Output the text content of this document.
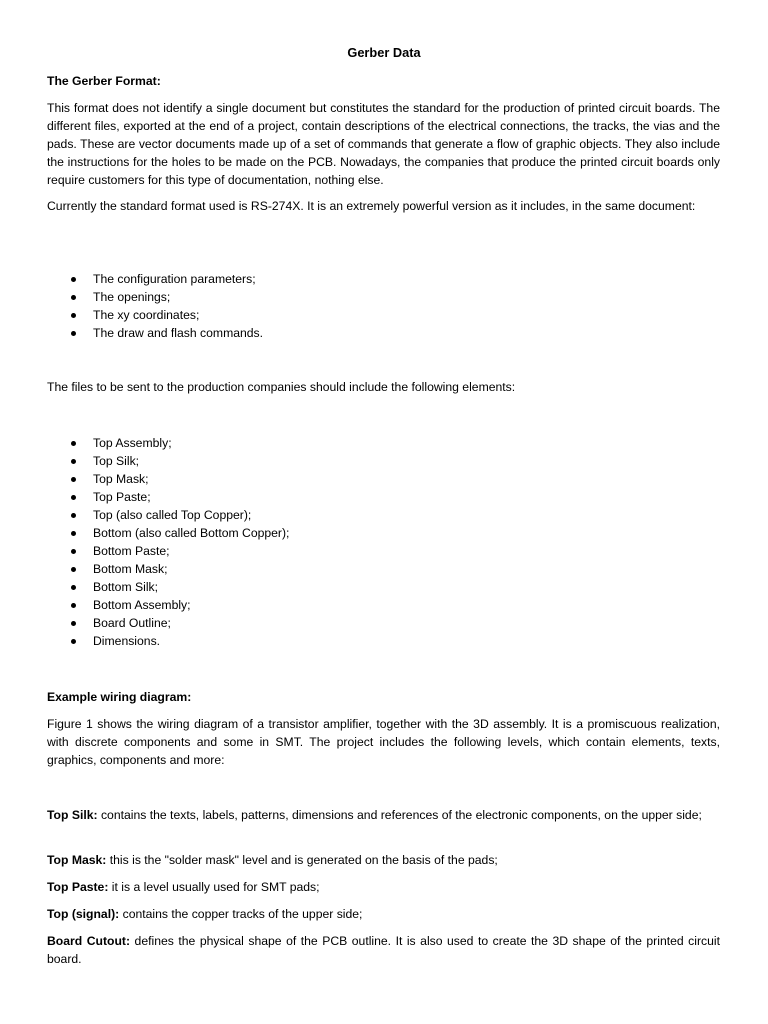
Gerber Data
The Gerber Format:

This format does not identify a single document but constitutes the standard for the production of printed circuit boards. The different files, exported at the end of a project, contain descriptions of the electrical connections, the tracks, the vias and the pads. These are vector documents made up of a set of commands that generate a flow of graphic objects. They also include the instructions for the holes to be made on the PCB. Nowadays, the companies that produce the printed circuit boards only require customers for this type of documentation, nothing else.

Currently the standard format used is RS-274X. It is an extremely powerful version as it includes, in the same document:

The configuration parameters;
The openings;
The xy coordinates;
The draw and flash commands.

The files to be sent to the production companies should include the following elements:

Top Assembly;
Top Silk;
Top Mask;
Top Paste;
Top (also called Top Copper);
Bottom (also called Bottom Copper);
Bottom Paste;
Bottom Mask;
Bottom Silk;
Bottom Assembly;
Board Outline;
Dimensions.
Example wiring diagram:

Figure 1 shows the wiring diagram of a transistor amplifier, together with the 3D assembly. It is a promiscuous realization, with discrete components and some in SMT. The project includes the following levels, which contain elements, texts, graphics, components and more:

Top Silk: contains the texts, labels, patterns, dimensions and references of the electronic components, on the upper side;

Top Mask: this is the "solder mask" level and is generated on the basis of the pads;

Top Paste: it is a level usually used for SMT pads;

Top (signal): contains the copper tracks of the upper side;

Board Cutout: defines the physical shape of the PCB outline. It is also used to create the 3D shape of the printed circuit board.
